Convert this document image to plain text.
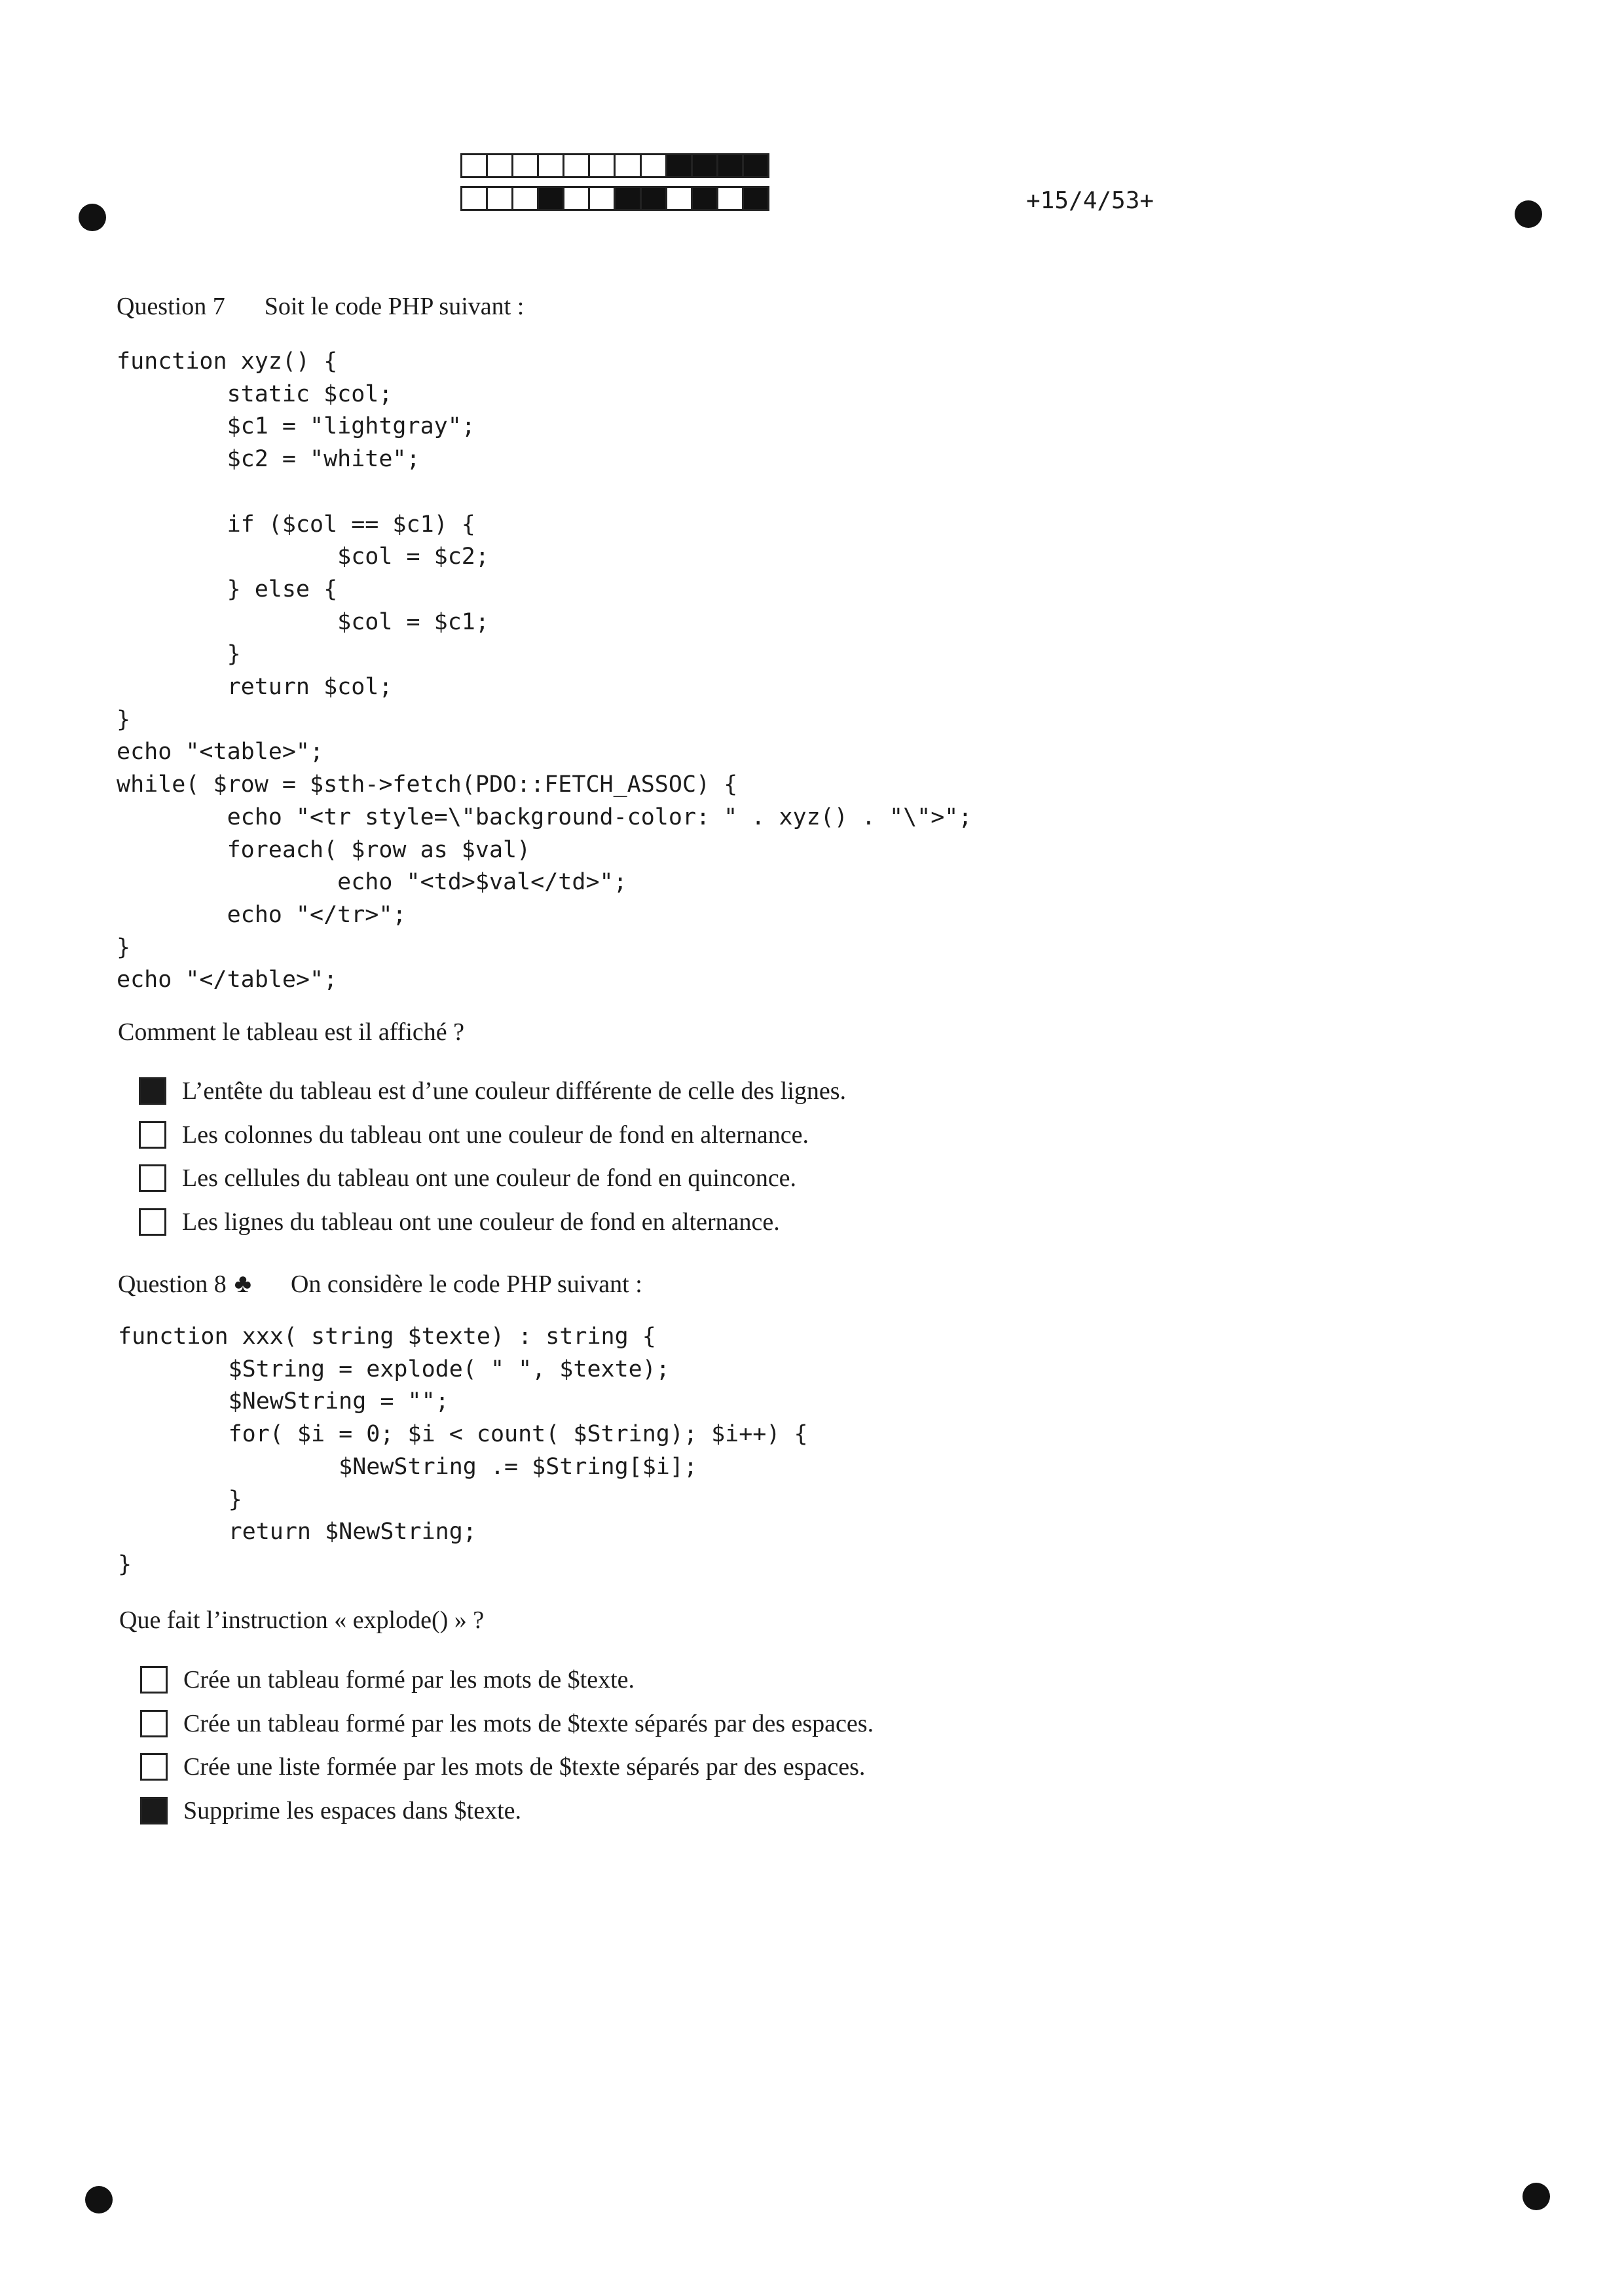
+15/4/53+
Question 7 Soit le code PHP suivant :
function xyz() {
static $col;
$c1 = "lightgray";
$c2 = "white";

if ($col == $c1) {
$col = $c2;
} else {
$col = $c1;
}
return $col;
}
echo "<table>";
while( $row = $sth->fetch(PDO::FETCH_ASSOC) {
echo "<tr style=\"background-color: " . xyz() . "\">";
foreach( $row as $val)
echo "<td>$val</td>";
echo "</tr>";
}
echo "</table>";
Comment le tableau est il affiché ?
L’entête du tableau est d’une couleur différente de celle des lignes.
Les colonnes du tableau ont une couleur de fond en alternance.
Les cellules du tableau ont une couleur de fond en quinconce.
Les lignes du tableau ont une couleur de fond en alternance.
Question 8 ♣ On considère le code PHP suivant :
function xxx( string $texte) : string {
$String = explode( " ", $texte);
$NewString = "";
for( $i = 0; $i < count( $String); $i++) {
$NewString .= $String[$i];
}
return $NewString;
}
Que fait l’instruction « explode() » ?
Crée un tableau formé par les mots de $texte.
Crée un tableau formé par les mots de $texte séparés par des espaces.
Crée une liste formée par les mots de $texte séparés par des espaces.
Supprime les espaces dans $texte.
